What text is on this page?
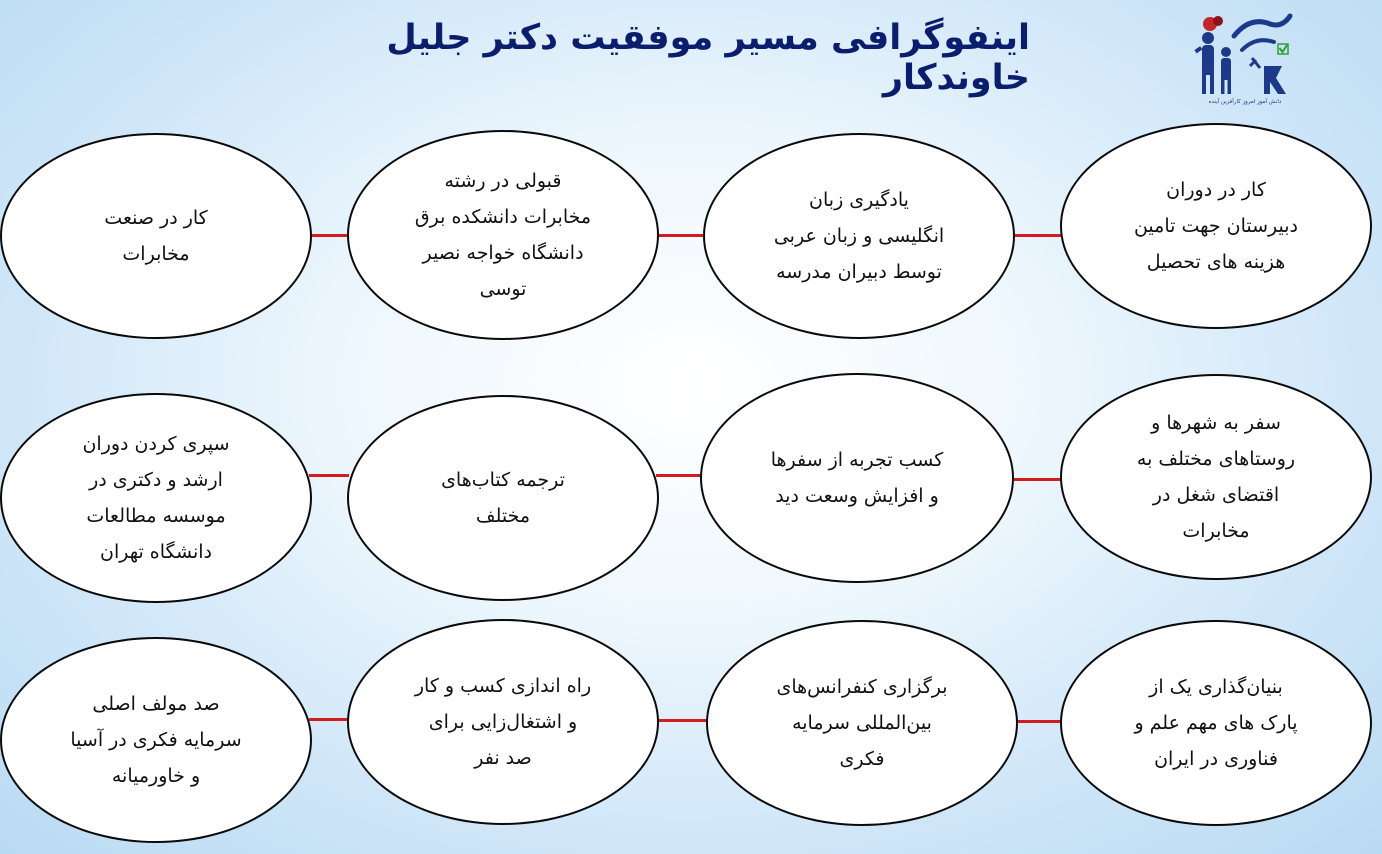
اینفوگرافی مسیر موفقیت دکتر جلیل خاوندکار
دانش آموز امروز کارآفرین آینده
کار در دوران
دبیرستان جهت تامین
هزینه های تحصیل
یادگیری زبان
انگلیسی و زبان عربی
توسط دبیران مدرسه
قبولی در رشته
مخابرات دانشکده برق
دانشگاه خواجه نصیر
توسی
کار در صنعت
مخابرات
سفر به شهرها و
روستاهای مختلف به
اقتضای شغل در
مخابرات
کسب تجربه از سفرها
و افزایش وسعت دید
ترجمه کتاب‌های
مختلف
سپری کردن دوران
ارشد و دکتری در
موسسه مطالعات
دانشگاه تهران
بنیان‌گذاری یک از
پارک های مهم علم و
فناوری در ایران
برگزاری کنفرانس‌های
بین‌المللی سرمایه
فکری
راه اندازی کسب و کار
و اشتغال‌زایی برای
صد نفر
صد مولف اصلی
سرمایه فکری در آسیا
و خاورمیانه
